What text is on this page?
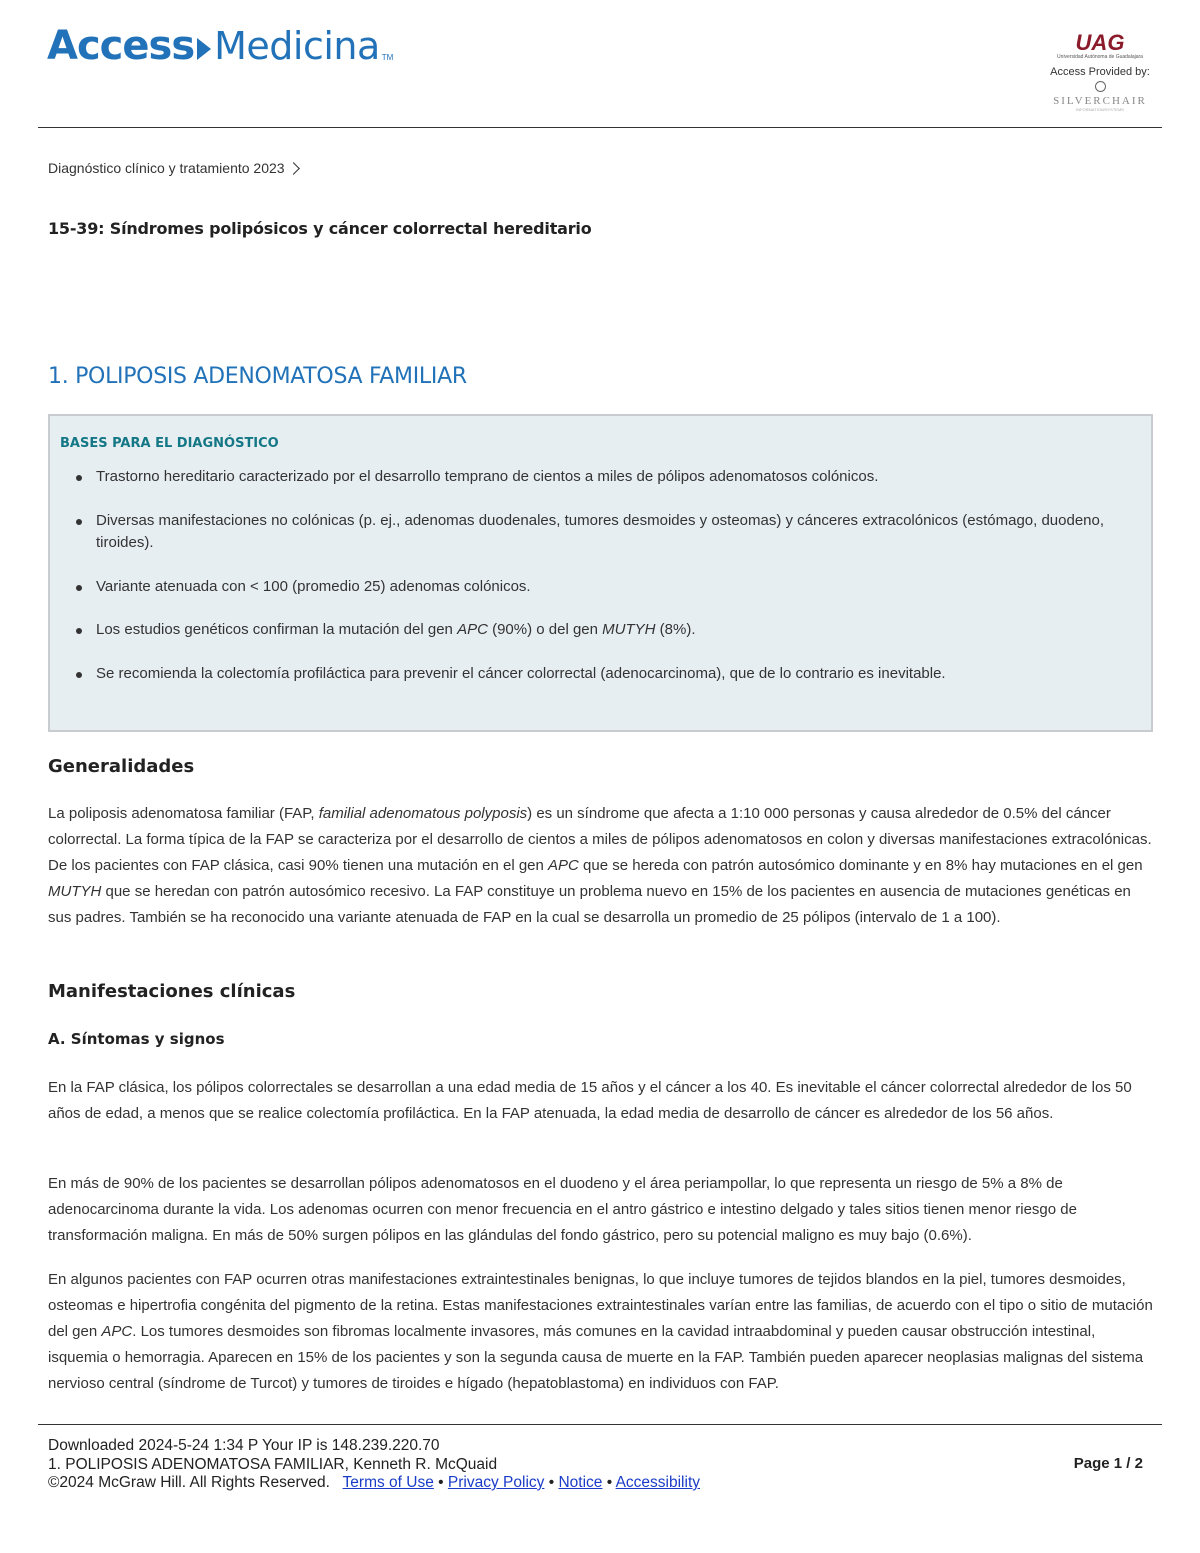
Access Medicina TM
UAG
Universidad Autónoma de Guadalajara
Access Provided by:
SILVERCHAIR
INFORMATION/SYSTEMS
Diagnóstico clínico y tratamiento 2023
15-39: Síndromes polipósicos y cáncer colorrectal hereditario
1. POLIPOSIS ADENOMATOSA FAMILIAR
BASES PARA EL DIAGNÓSTICO
Trastorno hereditario caracterizado por el desarrollo temprano de cientos a miles de pólipos adenomatosos colónicos.
Diversas manifestaciones no colónicas (p. ej., adenomas duodenales, tumores desmoides y osteomas) y cánceres extracolónicos (estómago, duodeno, tiroides).
Variante atenuada con < 100 (promedio 25) adenomas colónicos.
Los estudios genéticos confirman la mutación del gen APC (90%) o del gen MUTYH (8%).
Se recomienda la colectomía profiláctica para prevenir el cáncer colorrectal (adenocarcinoma), que de lo contrario es inevitable.
Generalidades

La poliposis adenomatosa familiar (FAP, familial adenomatous polyposis) es un síndrome que afecta a 1:10 000 personas y causa alrededor de 0.5% del cáncer colorrectal. La forma típica de la FAP se caracteriza por el desarrollo de cientos a miles de pólipos adenomatosos en colon y diversas manifestaciones extracolónicas. De los pacientes con FAP clásica, casi 90% tienen una mutación en el gen APC que se hereda con patrón autosómico dominante y en 8% hay mutaciones en el gen MUTYH que se heredan con patrón autosómico recesivo. La FAP constituye un problema nuevo en 15% de los pacientes en ausencia de mutaciones genéticas en sus padres. También se ha reconocido una variante atenuada de FAP en la cual se desarrolla un promedio de 25 pólipos (intervalo de 1 a 100).

Manifestaciones clínicas
A. Síntomas y signos

En la FAP clásica, los pólipos colorrectales se desarrollan a una edad media de 15 años y el cáncer a los 40. Es inevitable el cáncer colorrectal alrededor de los 50 años de edad, a menos que se realice colectomía profiláctica. En la FAP atenuada, la edad media de desarrollo de cáncer es alrededor de los 56 años.

En más de 90% de los pacientes se desarrollan pólipos adenomatosos en el duodeno y el área periampollar, lo que representa un riesgo de 5% a 8% de adenocarcinoma durante la vida. Los adenomas ocurren con menor frecuencia en el antro gástrico e intestino delgado y tales sitios tienen menor riesgo de transformación maligna. En más de 50% surgen pólipos en las glándulas del fondo gástrico, pero su potencial maligno es muy bajo (0.6%).

En algunos pacientes con FAP ocurren otras manifestaciones extraintestinales benignas, lo que incluye tumores de tejidos blandos en la piel, tumores desmoides, osteomas e hipertrofia congénita del pigmento de la retina. Estas manifestaciones extraintestinales varían entre las familias, de acuerdo con el tipo o sitio de mutación del gen APC. Los tumores desmoides son fibromas localmente invasores, más comunes en la cavidad intraabdominal y pueden causar obstrucción intestinal, isquemia o hemorragia. Aparecen en 15% de los pacientes y son la segunda causa de muerte en la FAP. También pueden aparecer neoplasias malignas del sistema nervioso central (síndrome de Turcot) y tumores de tiroides e hígado (hepatoblastoma) en individuos con FAP.

Downloaded 2024-5-24 1:34 P Your IP is 148.239.220.70
1. POLIPOSIS ADENOMATOSA FAMILIAR, Kenneth R. McQuaid
©2024 McGraw Hill. All Rights Reserved. Terms of Use • Privacy Policy • Notice • Accessibility
Page 1 / 2
